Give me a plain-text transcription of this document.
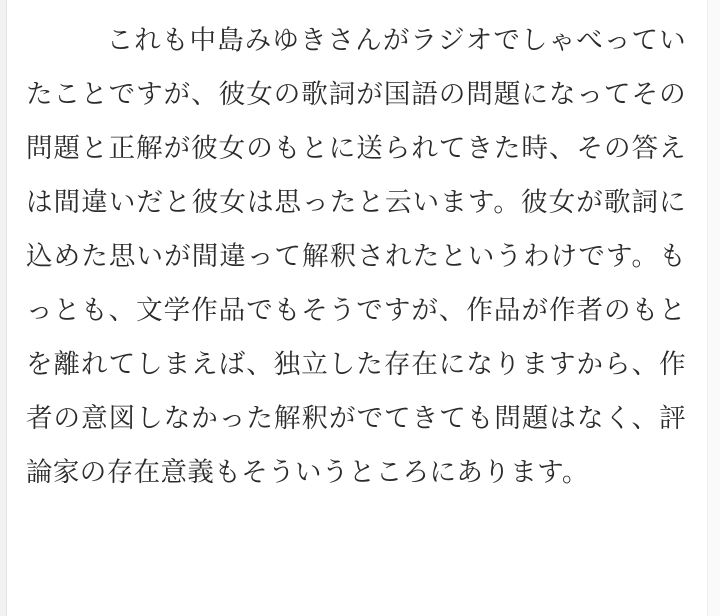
　これも中島みゆきさんがラジオでしゃべっていたことですが、彼女の歌詞が国語の問題になってその問題と正解が彼女のもとに送られてきた時、その答えは間違いだと彼女は思ったと云います。彼女が歌詞に込めた思いが間違って解釈されたというわけです。もっとも、文学作品でもそうですが、作品が作者のもとを離れてしまえば、独立した存在になりますから、作者の意図しなかった解釈がでてきても問題はなく、評論家の存在意義もそういうところにあります。
